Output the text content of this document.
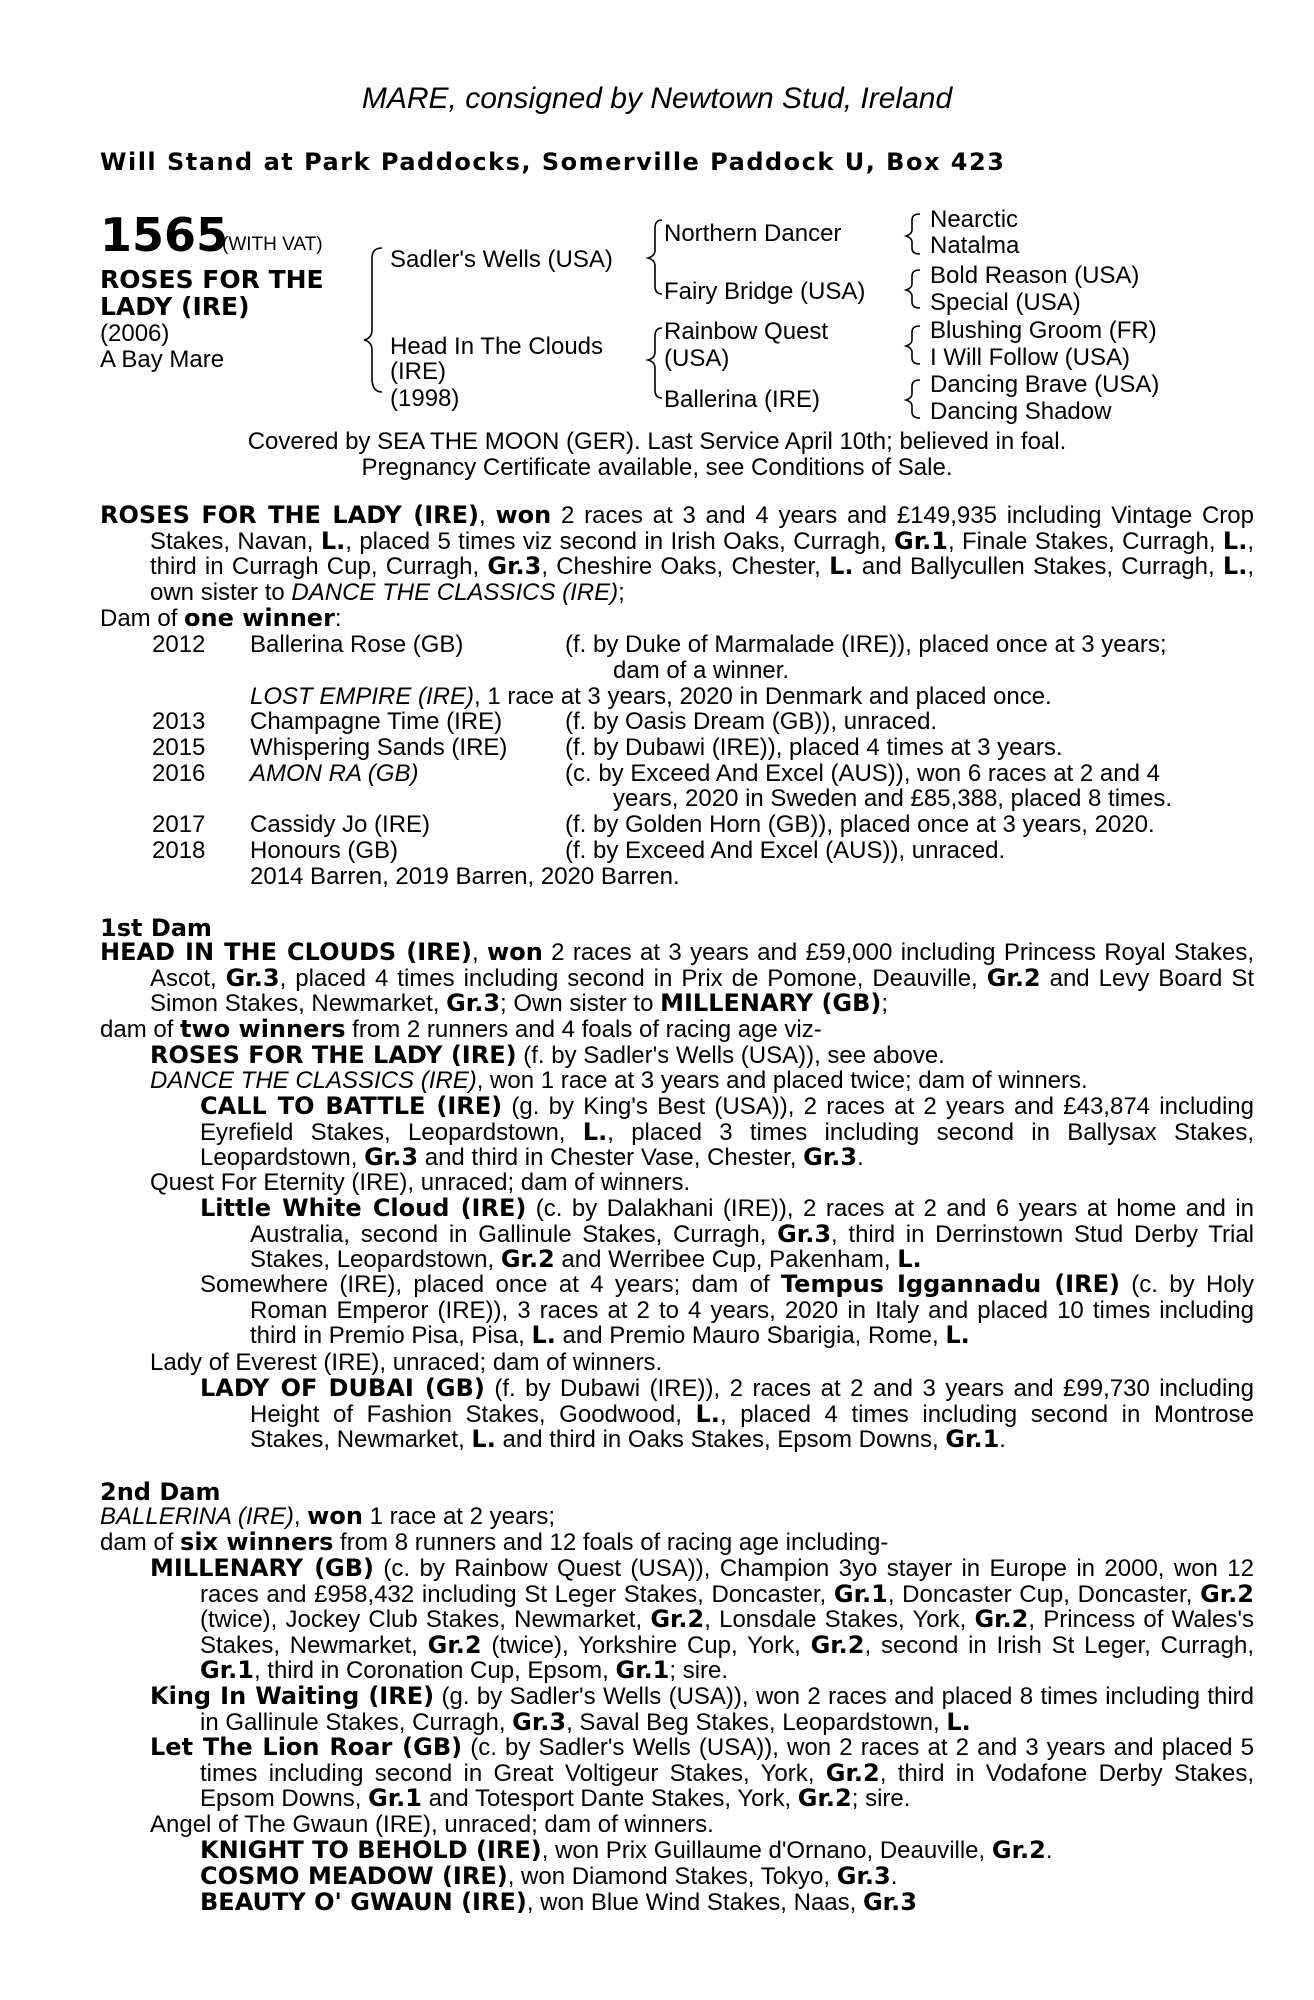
MARE, consigned by Newtown Stud, Ireland
Will Stand at Park Paddocks, Somerville Paddock U, Box 423
1565
(WITH VAT)
ROSES FOR THE
LADY (IRE)
(2006)
A Bay Mare
Sadler's Wells (USA)
Head In The Clouds
(IRE)
(1998)
Northern Dancer
Fairy Bridge (USA)
Rainbow Quest
(USA)
Ballerina (IRE)
Nearctic
Natalma
Bold Reason (USA)
Special (USA)
Blushing Groom (FR)
I Will Follow (USA)
Dancing Brave (USA)
Dancing Shadow
Covered by SEA THE MOON (GER). Last Service April 10th; believed in foal.
Pregnancy Certificate available, see Conditions of Sale.
ROSES FOR THE LADY (IRE), won 2 races at 3 and 4 years and £149,935 including Vintage Crop Stakes, Navan, L., placed 5 times viz second in Irish Oaks, Curragh, Gr.1, Finale Stakes, Curragh, L., third in Curragh Cup, Curragh, Gr.3, Cheshire Oaks, Chester, L. and Ballycullen Stakes, Curragh, L., own sister to DANCE THE CLASSICS (IRE);
Dam of one winner:
2012 Ballerina Rose (GB)	(f. by Duke of Marmalade (IRE)), placed once at 3 years;
dam of a winner.
LOST EMPIRE (IRE), 1 race at 3 years, 2020 in Denmark and placed once.
2013 Champagne Time (IRE)	(f. by Oasis Dream (GB)), unraced.
2015 Whispering Sands (IRE) (f. by Dubawi (IRE)), placed 4 times at 3 years.
2016 AMON RA (GB)	(c. by Exceed And Excel (AUS)), won 6 races at 2 and 4
years, 2020 in Sweden and £85,388, placed 8 times.
2017 Cassidy Jo (IRE)	(f. by Golden Horn (GB)), placed once at 3 years, 2020.
2018 Honours (GB)	(f. by Exceed And Excel (AUS)), unraced.
2014 Barren, 2019 Barren, 2020 Barren.
1st Dam
HEAD IN THE CLOUDS (IRE), won 2 races at 3 years and £59,000 including Princess Royal Stakes, Ascot, Gr.3, placed 4 times including second in Prix de Pomone, Deauville, Gr.2 and Levy Board St Simon Stakes, Newmarket, Gr.3; Own sister to MILLENARY (GB);
dam of two winners from 2 runners and 4 foals of racing age viz-
ROSES FOR THE LADY (IRE) (f. by Sadler's Wells (USA)), see above.
DANCE THE CLASSICS (IRE), won 1 race at 3 years and placed twice; dam of winners.
CALL TO BATTLE (IRE) (g. by King's Best (USA)), 2 races at 2 years and £43,874 including Eyrefield Stakes, Leopardstown, L., placed 3 times including second in Ballysax Stakes, Leopardstown, Gr.3 and third in Chester Vase, Chester, Gr.3.
Quest For Eternity (IRE), unraced; dam of winners.
Little White Cloud (IRE) (c. by Dalakhani (IRE)), 2 races at 2 and 6 years at home and in Australia, second in Gallinule Stakes, Curragh, Gr.3, third in Derrinstown Stud Derby Trial Stakes, Leopardstown, Gr.2 and Werribee Cup, Pakenham, L.
Somewhere (IRE), placed once at 4 years; dam of Tempus Iggannadu (IRE) (c. by Holy Roman Emperor (IRE)), 3 races at 2 to 4 years, 2020 in Italy and placed 10 times including third in Premio Pisa, Pisa, L. and Premio Mauro Sbarigia, Rome, L.
Lady of Everest (IRE), unraced; dam of winners.
LADY OF DUBAI (GB) (f. by Dubawi (IRE)), 2 races at 2 and 3 years and £99,730 including Height of Fashion Stakes, Goodwood, L., placed 4 times including second in Montrose Stakes, Newmarket, L. and third in Oaks Stakes, Epsom Downs, Gr.1.
2nd Dam
BALLERINA (IRE), won 1 race at 2 years;
dam of six winners from 8 runners and 12 foals of racing age including-
MILLENARY (GB) (c. by Rainbow Quest (USA)), Champion 3yo stayer in Europe in 2000, won 12 races and £958,432 including St Leger Stakes, Doncaster, Gr.1, Doncaster Cup, Doncaster, Gr.2 (twice), Jockey Club Stakes, Newmarket, Gr.2, Lonsdale Stakes, York, Gr.2, Princess of Wales's Stakes, Newmarket, Gr.2 (twice), Yorkshire Cup, York, Gr.2, second in Irish St Leger, Curragh, Gr.1, third in Coronation Cup, Epsom, Gr.1; sire.
King In Waiting (IRE) (g. by Sadler's Wells (USA)), won 2 races and placed 8 times including third in Gallinule Stakes, Curragh, Gr.3, Saval Beg Stakes, Leopardstown, L.
Let The Lion Roar (GB) (c. by Sadler's Wells (USA)), won 2 races at 2 and 3 years and placed 5 times including second in Great Voltigeur Stakes, York, Gr.2, third in Vodafone Derby Stakes, Epsom Downs, Gr.1 and Totesport Dante Stakes, York, Gr.2; sire.
Angel of The Gwaun (IRE), unraced; dam of winners.
KNIGHT TO BEHOLD (IRE), won Prix Guillaume d'Ornano, Deauville, Gr.2.
COSMO MEADOW (IRE), won Diamond Stakes, Tokyo, Gr.3.
BEAUTY O' GWAUN (IRE), won Blue Wind Stakes, Naas, Gr.3
